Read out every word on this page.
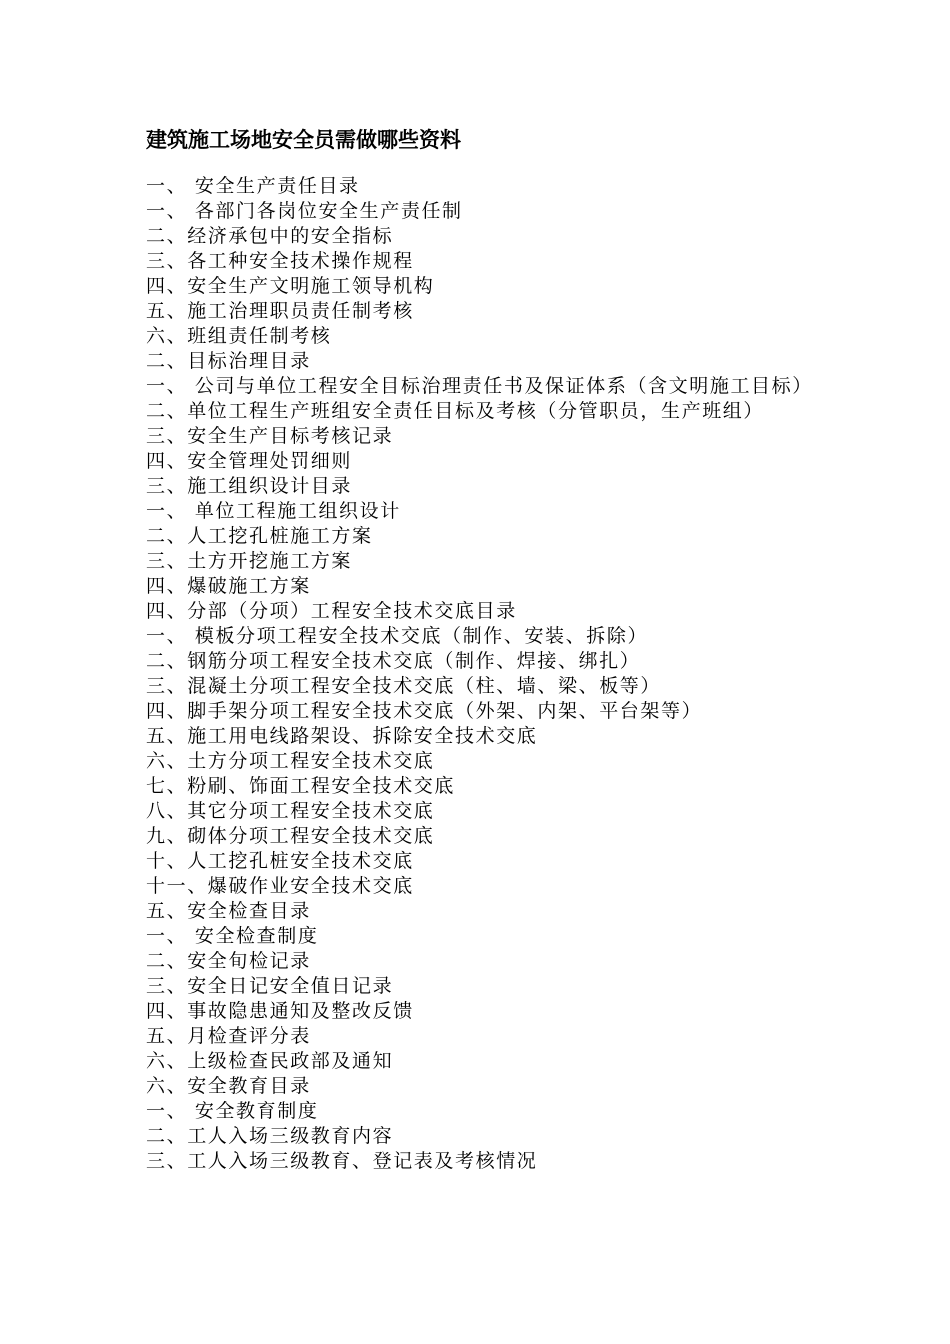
建筑施工场地安全员需做哪些资料
一、 安全生产责任目录
一、 各部门各岗位安全生产责任制
二、经济承包中的安全指标
三、各工种安全技术操作规程
四、安全生产文明施工领导机构
五、施工治理职员责任制考核
六、班组责任制考核
二、目标治理目录
一、 公司与单位工程安全目标治理责任书及保证体系（含文明施工目标）
二、单位工程生产班组安全责任目标及考核（分管职员，生产班组）
三、安全生产目标考核记录
四、安全管理处罚细则
三、施工组织设计目录
一、 单位工程施工组织设计
二、人工挖孔桩施工方案
三、土方开挖施工方案
四、爆破施工方案
四、分部（分项）工程安全技术交底目录
一、 模板分项工程安全技术交底（制作、安装、拆除）
二、钢筋分项工程安全技术交底（制作、焊接、绑扎）
三、混凝土分项工程安全技术交底（柱、墙、梁、板等）
四、脚手架分项工程安全技术交底（外架、内架、平台架等）
五、施工用电线路架设、拆除安全技术交底
六、土方分项工程安全技术交底
七、粉刷、饰面工程安全技术交底
八、其它分项工程安全技术交底
九、砌体分项工程安全技术交底
十、人工挖孔桩安全技术交底
十一、爆破作业安全技术交底
五、安全检查目录
一、 安全检查制度
二、安全旬检记录
三、安全日记安全值日记录
四、事故隐患通知及整改反馈
五、月检查评分表
六、上级检查民政部及通知
六、安全教育目录
一、 安全教育制度
二、工人入场三级教育内容
三、工人入场三级教育、登记表及考核情况
